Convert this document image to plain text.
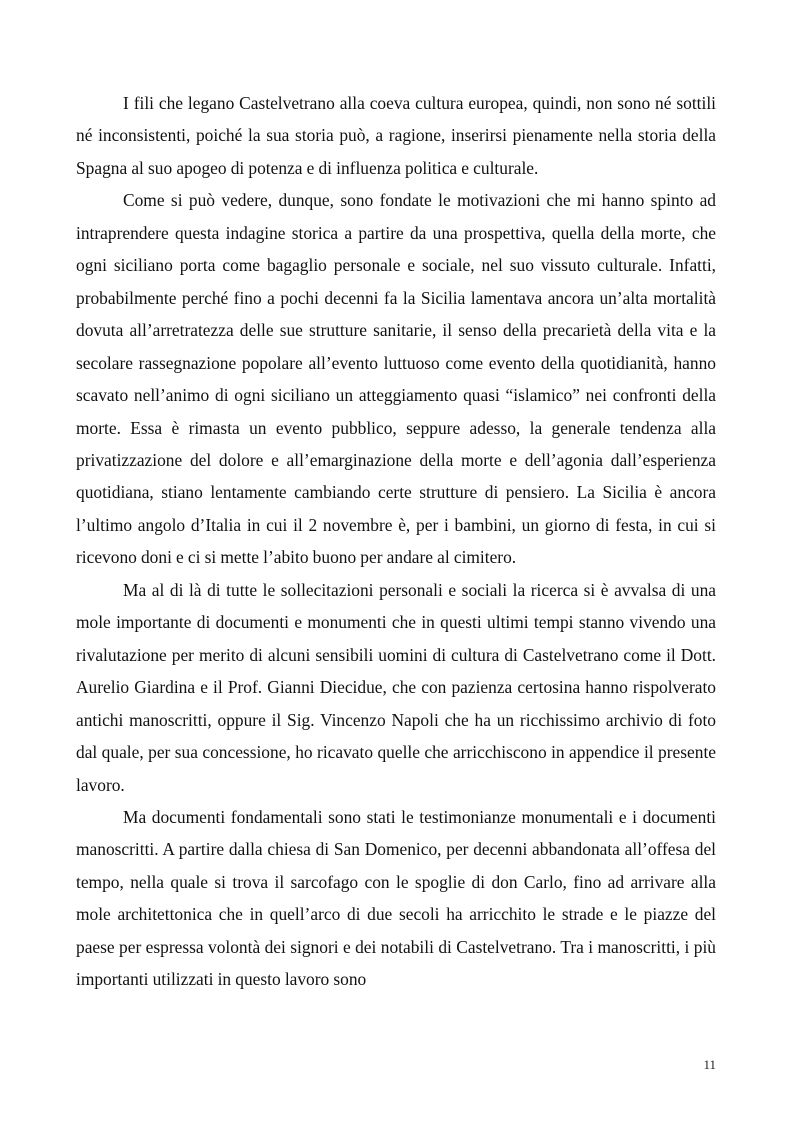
I fili che legano Castelvetrano alla coeva cultura europea, quindi, non sono né sottili né inconsistenti, poiché la sua storia può, a ragione, inserirsi pienamente nella storia della Spagna al suo apogeo di potenza e di influenza politica e culturale.

Come si può vedere, dunque, sono fondate le motivazioni che mi hanno spinto ad intraprendere questa indagine storica a partire da una prospettiva, quella della morte, che ogni siciliano porta come bagaglio personale e sociale, nel suo vissuto culturale. Infatti, probabilmente perché fino a pochi decenni fa la Sicilia lamentava ancora un’alta mortalità dovuta all’arretratezza delle sue strutture sanitarie, il senso della precarietà della vita e la secolare rassegnazione popolare all’evento luttuoso come evento della quotidianità, hanno scavato nell’animo di ogni siciliano un atteggiamento quasi “islamico” nei confronti della morte. Essa è rimasta un evento pubblico, seppure adesso, la generale tendenza alla privatizzazione del dolore e all’emarginazione della morte e dell’agonia dall’esperienza quotidiana, stiano lentamente cambiando certe strutture di pensiero. La Sicilia è ancora l’ultimo angolo d’Italia in cui il 2 novembre è, per i bambini, un giorno di festa, in cui si ricevono doni e ci si mette l’abito buono per andare al cimitero.

Ma al di là di tutte le sollecitazioni personali e sociali la ricerca si è avvalsa di una mole importante di documenti e monumenti che in questi ultimi tempi stanno vivendo una rivalutazione per merito di alcuni sensibili uomini di cultura di Castelvetrano come il Dott. Aurelio Giardina e il Prof. Gianni Diecidue, che con pazienza certosina hanno rispolverato antichi manoscritti, oppure il Sig. Vincenzo Napoli che ha un ricchissimo archivio di foto dal quale, per sua concessione, ho ricavato quelle che arricchiscono in appendice il presente lavoro.

Ma documenti fondamentali sono stati le testimonianze monumentali e i documenti manoscritti. A partire dalla chiesa di San Domenico, per decenni abbandonata all’offesa del tempo, nella quale si trova il sarcofago con le spoglie di don Carlo, fino ad arrivare alla mole architettonica che in quell’arco di due secoli ha arricchito le strade e le piazze del paese per espressa volontà dei signori e dei notabili di Castelvetrano. Tra i manoscritti, i più importanti utilizzati in questo lavoro sono

11
